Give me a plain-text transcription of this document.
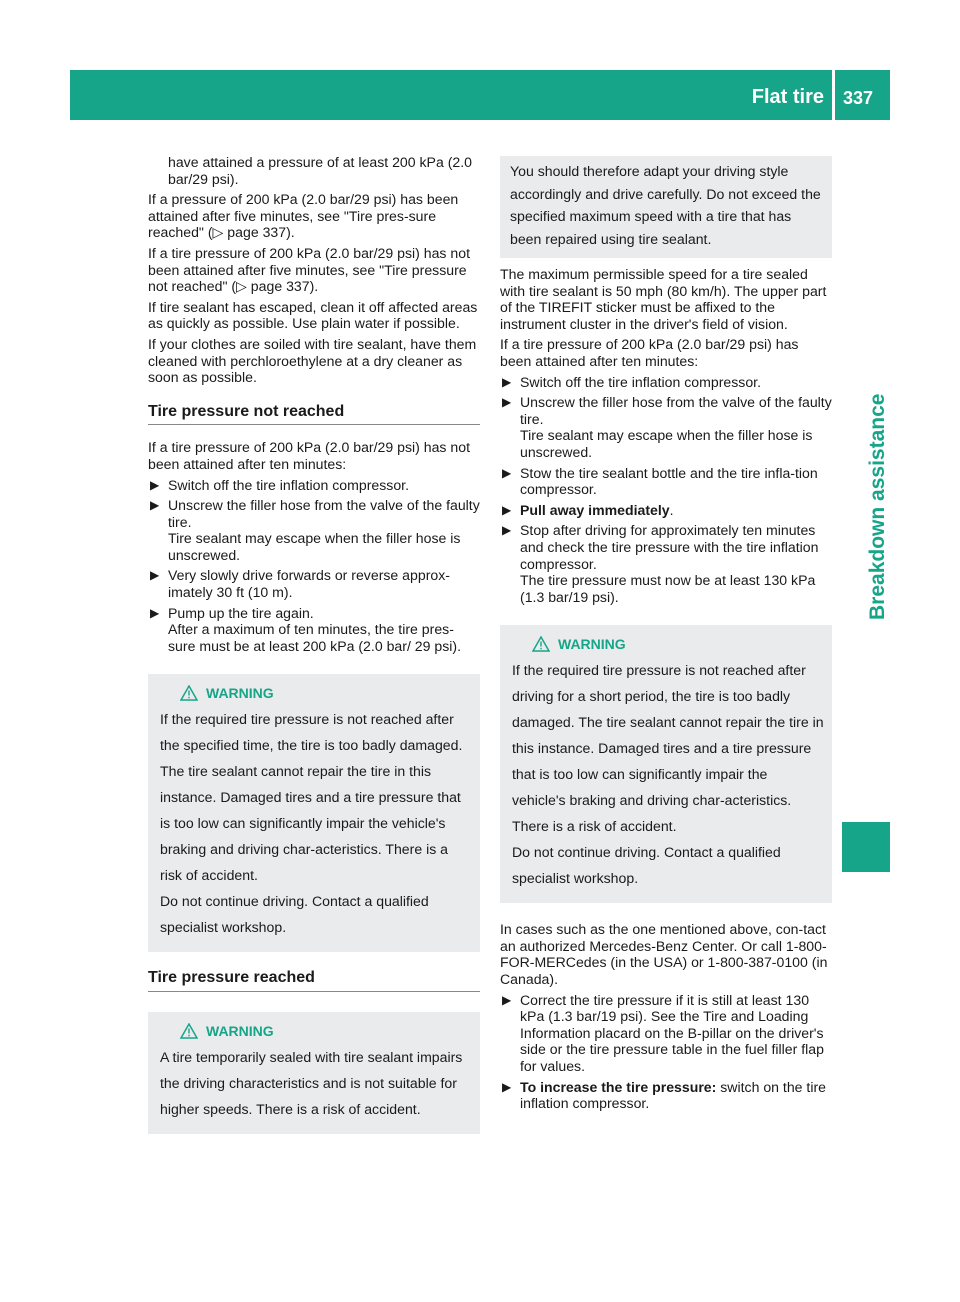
Flat tire 337
Breakdown assistance

have attained a pressure of at least 200 kPa (2.0 bar/29 psi).

If a pressure of 200 kPa (2.0 bar/29 psi) has been attained after five minutes, see "Tire pres-sure reached" (▷ page 337).

If a tire pressure of 200 kPa (2.0 bar/29 psi) has not been attained after five minutes, see "Tire pressure not reached" (▷ page 337).

If tire sealant has escaped, clean it off affected areas as quickly as possible. Use plain water if possible.

If your clothes are soiled with tire sealant, have them cleaned with perchloroethylene at a dry cleaner as soon as possible.

Tire pressure not reached

If a tire pressure of 200 kPa (2.0 bar/29 psi) has not been attained after ten minutes:

▶ Switch off the tire inflation compressor.
▶ Unscrew the filler hose from the valve of the faulty tire.
Tire sealant may escape when the filler hose is unscrewed.
▶ Very slowly drive forwards or reverse approx-imately 30 ft (10 m).
▶ Pump up the tire again.
After a maximum of ten minutes, the tire pres-sure must be at least 200 kPa (2.0 bar/ 29 psi).
WARNING

If the required tire pressure is not reached after the specified time, the tire is too badly damaged. The tire sealant cannot repair the tire in this instance. Damaged tires and a tire pressure that is too low can significantly impair the vehicle's braking and driving char-acteristics. There is a risk of accident.

Do not continue driving. Contact a qualified specialist workshop.

Tire pressure reached
WARNING

A tire temporarily sealed with tire sealant impairs the driving characteristics and is not suitable for higher speeds. There is a risk of accident.

You should therefore adapt your driving style accordingly and drive carefully. Do not exceed the specified maximum speed with a tire that has been repaired using tire sealant.

The maximum permissible speed for a tire sealed with tire sealant is 50 mph (80 km/h). The upper part of the TIREFIT sticker must be affixed to the instrument cluster in the driver's field of vision.

If a tire pressure of 200 kPa (2.0 bar/29 psi) has been attained after ten minutes:

▶ Switch off the tire inflation compressor.
▶ Unscrew the filler hose from the valve of the faulty tire.
Tire sealant may escape when the filler hose is unscrewed.
▶ Stow the tire sealant bottle and the tire infla-tion compressor.
▶ Pull away immediately.
▶ Stop after driving for approximately ten minutes and check the tire pressure with the tire inflation compressor.
The tire pressure must now be at least 130 kPa (1.3 bar/19 psi).
WARNING

If the required tire pressure is not reached after driving for a short period, the tire is too badly damaged. The tire sealant cannot repair the tire in this instance. Damaged tires and a tire pressure that is too low can significantly impair the vehicle's braking and driving char-acteristics. There is a risk of accident.

Do not continue driving. Contact a qualified specialist workshop.

In cases such as the one mentioned above, con-tact an authorized Mercedes-Benz Center. Or call 1-800-FOR-MERCedes (in the USA) or 1-800-387-0100 (in Canada).

▶ Correct the tire pressure if it is still at least 130 kPa (1.3 bar/19 psi). See the Tire and Loading Information placard on the B-pillar on the driver's side or the tire pressure table in the fuel filler flap for values.
▶ To increase the tire pressure: switch on the tire inflation compressor.
